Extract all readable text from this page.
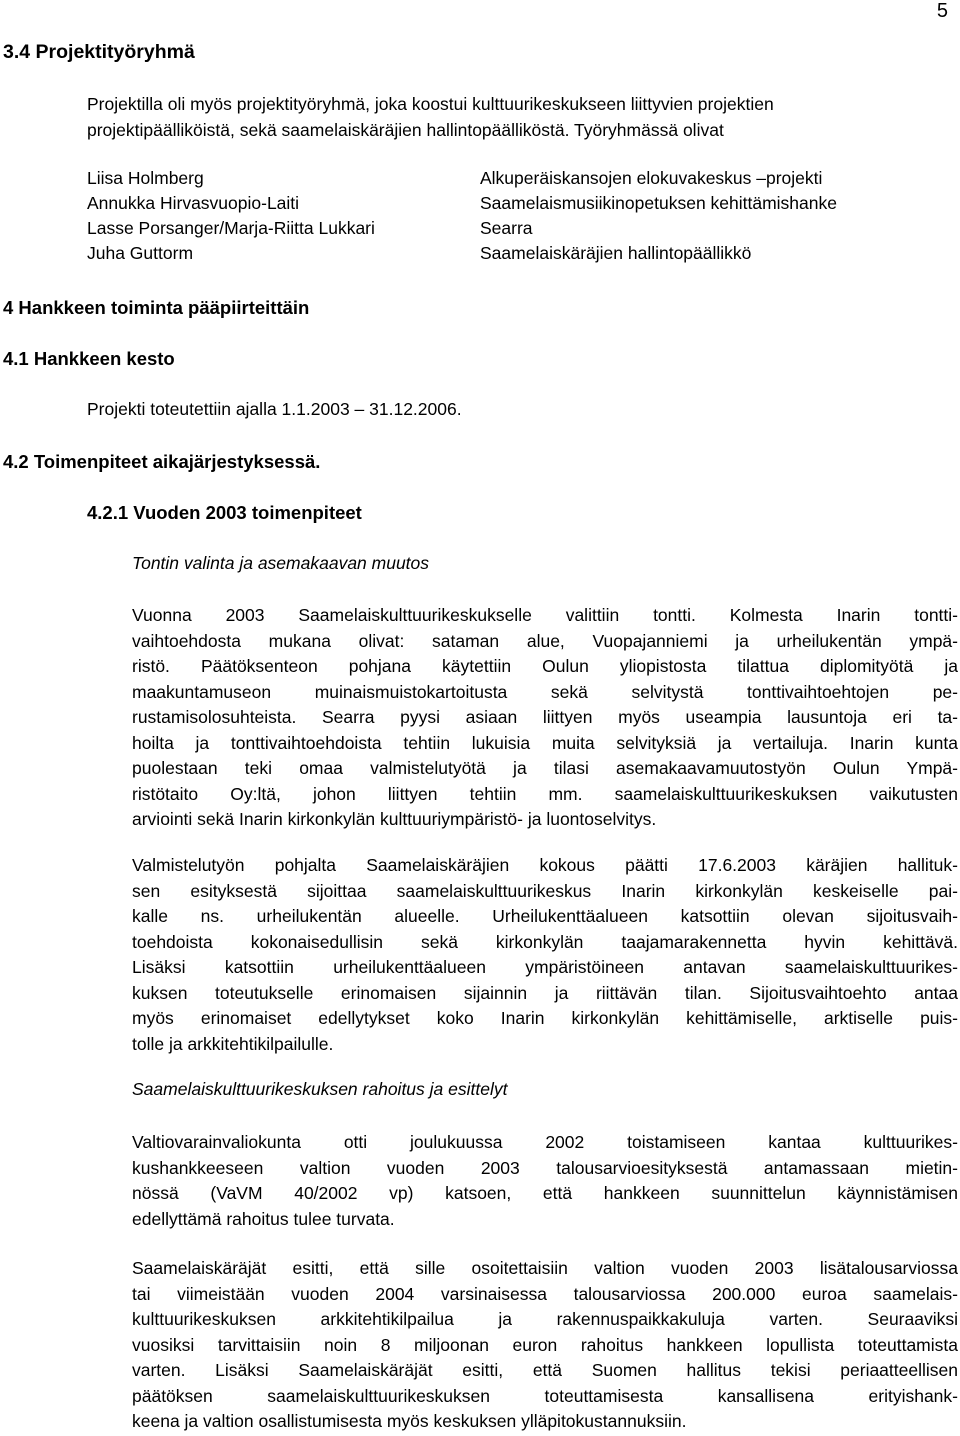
5
3.4 Projektityöryhmä
Projektilla oli myös projektityöryhmä, joka koostui kulttuurikeskukseen liittyvien projektien
projektipäälliköistä, sekä saamelaiskäräjien hallintopäälliköstä. Työryhmässä olivat
Liisa Holmberg	Alkuperäiskansojen elokuvakeskus –projekti
Annukka Hirvasvuopio-Laiti	Saamelaismusiikinopetuksen kehittämishanke
Lasse Porsanger/Marja-Riitta Lukkari	Searra
Juha Guttorm	Saamelaiskäräjien hallintopäällikkö
4 Hankkeen toiminta pääpiirteittäin
4.1 Hankkeen kesto

Projekti toteutettiin ajalla 1.1.2003 – 31.12.2006.

4.2 Toimenpiteet aikajärjestyksessä.
4.2.1 Vuoden 2003 toimenpiteet

Tontin valinta ja asemakaavan muutos

Vuonna 2003 Saamelaiskulttuurikeskukselle valittiin tontti. Kolmesta Inarin tontti-
vaihtoehdosta mukana olivat: sataman alue, Vuopajanniemi ja urheilukentän ympä-
ristö. Päätöksenteon pohjana käytettiin Oulun yliopistosta tilattua diplomityötä ja
maakuntamuseon muinaismuistokartoitusta sekä selvitystä tonttivaihtoehtojen pe-
rustamisolosuhteista. Searra pyysi asiaan liittyen myös useampia lausuntoja eri ta-
hoilta ja tonttivaihtoehdoista tehtiin lukuisia muita selvityksiä ja vertailuja. Inarin kunta
puolestaan teki omaa valmistelutyötä ja tilasi asemakaavamuutostyön Oulun Ympä-
ristötaito Oy:ltä, johon liittyen tehtiin mm. saamelaiskulttuurikeskuksen vaikutusten
arviointi sekä Inarin kirkonkylän kulttuuriympäristö- ja luontoselvitys.
Valmistelutyön pohjalta Saamelaiskäräjien kokous päätti 17.6.2003 käräjien hallituk-
sen esityksestä sijoittaa saamelaiskulttuurikeskus Inarin kirkonkylän keskeiselle pai-
kalle ns. urheilukentän alueelle. Urheilukenttäalueen katsottiin olevan sijoitusvaih-
toehdoista kokonaisedullisin sekä kirkonkylän taajamarakennetta hyvin kehittävä.
Lisäksi katsottiin urheilukenttäalueen ympäristöineen antavan saamelaiskulttuurikes-
kuksen toteutukselle erinomaisen sijainnin ja riittävän tilan. Sijoitusvaihtoehto antaa
myös erinomaiset edellytykset koko Inarin kirkonkylän kehittämiselle, arktiselle puis-
tolle ja arkkitehtikilpailulle.

Saamelaiskulttuurikeskuksen rahoitus ja esittelyt

Valtiovarainvaliokunta otti joulukuussa 2002 toistamiseen kantaa kulttuurikes-
kushankkeeseen valtion vuoden 2003 talousarvioesityksestä antamassaan mietin-
nössä (VaVM 40/2002 vp) katsoen, että hankkeen suunnittelun käynnistämisen
edellyttämä rahoitus tulee turvata.
Saamelaiskäräjät esitti, että sille osoitettaisiin valtion vuoden 2003 lisätalousarviossa
tai viimeistään vuoden 2004 varsinaisessa talousarviossa 200.000 euroa saamelais-
kulttuurikeskuksen arkkitehtikilpailua ja rakennuspaikkakuluja varten. Seuraaviksi
vuosiksi tarvittaisiin noin 8 miljoonan euron rahoitus hankkeen lopullista toteuttamista
varten. Lisäksi Saamelaiskäräjät esitti, että Suomen hallitus tekisi periaatteellisen
päätöksen saamelaiskulttuurikeskuksen toteuttamisesta kansallisena erityishank-
keena ja valtion osallistumisesta myös keskuksen ylläpitokustannuksiin.
